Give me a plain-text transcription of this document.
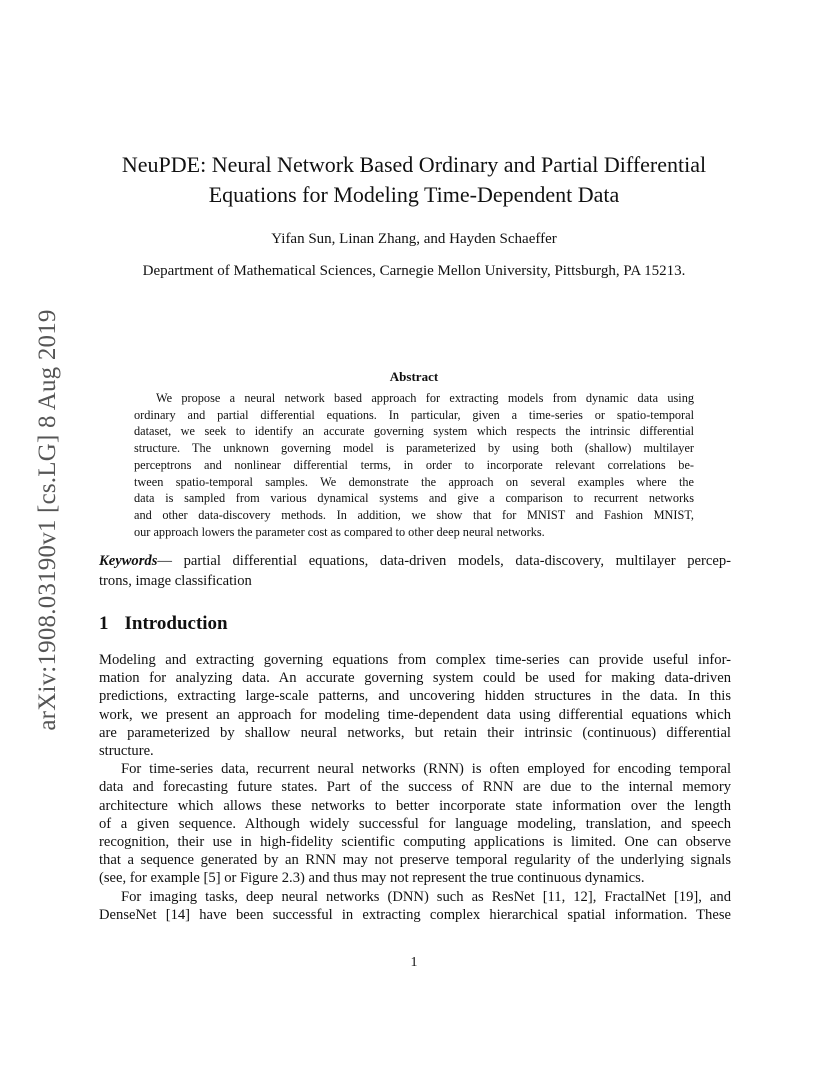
arXiv:1908.03190v1 [cs.LG] 8 Aug 2019
NeuPDE: Neural Network Based Ordinary and Partial Differential
Equations for Modeling Time-Dependent Data
Yifan Sun, Linan Zhang, and Hayden Schaeffer
Department of Mathematical Sciences, Carnegie Mellon University, Pittsburgh, PA 15213.
Abstract
We propose a neural network based approach for extracting models from dynamic data using
ordinary and partial differential equations. In particular, given a time-series or spatio-temporal
dataset, we seek to identify an accurate governing system which respects the intrinsic differential
structure. The unknown governing model is parameterized by using both (shallow) multilayer
perceptrons and nonlinear differential terms, in order to incorporate relevant correlations be-
tween spatio-temporal samples. We demonstrate the approach on several examples where the
data is sampled from various dynamical systems and give a comparison to recurrent networks
and other data-discovery methods. In addition, we show that for MNIST and Fashion MNIST,
our approach lowers the parameter cost as compared to other deep neural networks.
Keywords— partial differential equations, data-driven models, data-discovery, multilayer percep-
trons, image classification
1 Introduction
Modeling and extracting governing equations from complex time-series can provide useful infor-
mation for analyzing data. An accurate governing system could be used for making data-driven
predictions, extracting large-scale patterns, and uncovering hidden structures in the data. In this
work, we present an approach for modeling time-dependent data using differential equations which
are parameterized by shallow neural networks, but retain their intrinsic (continuous) differential
structure.
For time-series data, recurrent neural networks (RNN) is often employed for encoding temporal
data and forecasting future states. Part of the success of RNN are due to the internal memory
architecture which allows these networks to better incorporate state information over the length
of a given sequence. Although widely successful for language modeling, translation, and speech
recognition, their use in high-fidelity scientific computing applications is limited. One can observe
that a sequence generated by an RNN may not preserve temporal regularity of the underlying signals
(see, for example [5] or Figure 2.3) and thus may not represent the true continuous dynamics.
For imaging tasks, deep neural networks (DNN) such as ResNet [11, 12], FractalNet [19], and
DenseNet [14] have been successful in extracting complex hierarchical spatial information. These
1
